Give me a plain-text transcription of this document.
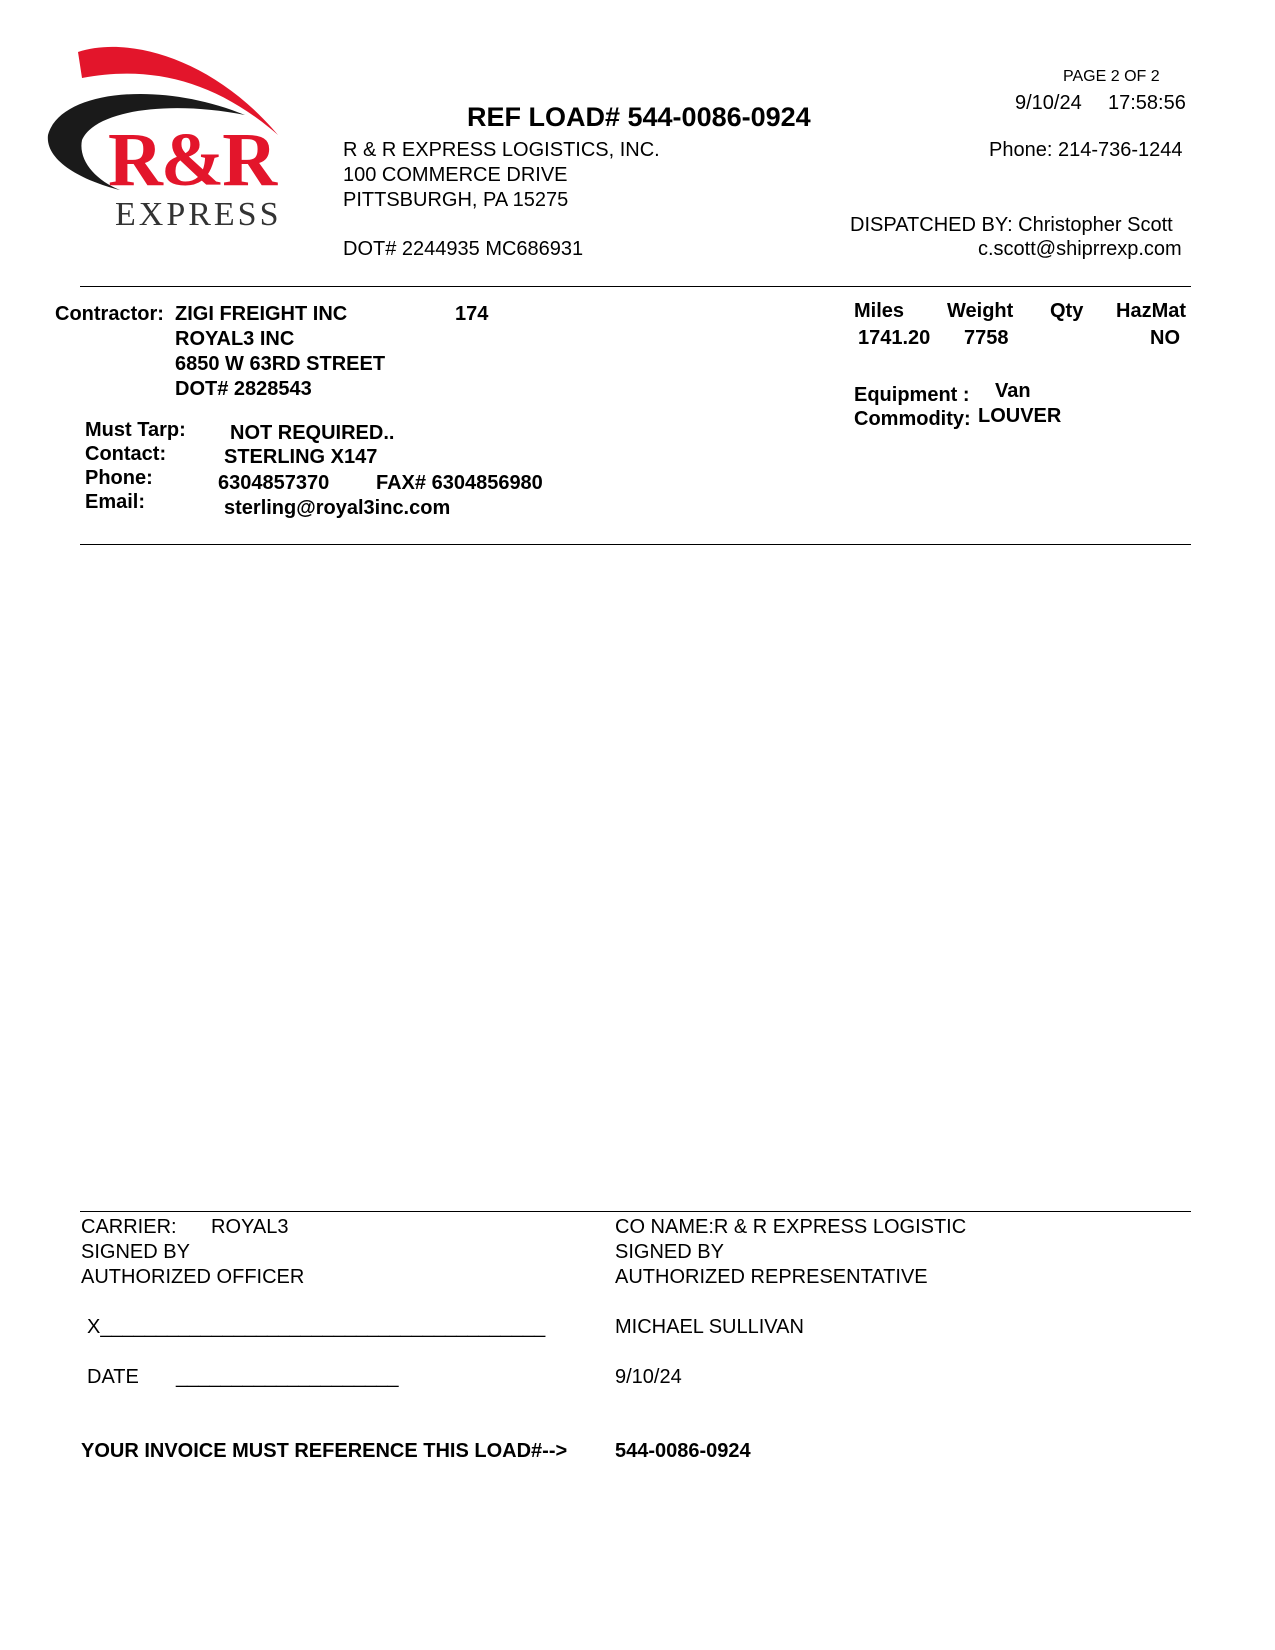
R&R
EXPRESS
PAGE 2 OF 2
9/10/24 17:58:56
REF LOAD# 544-0086-0924
R & R EXPRESS LOGISTICS, INC.
100 COMMERCE DRIVE
PITTSBURGH, PA 15275
DOT# 2244935 MC686931
Phone: 214-736-1244
DISPATCHED BY: Christopher Scott
c.scott@shiprrexp.com
Contractor: ZIGI FREIGHT INC	174
ROYAL3 INC
6850 W 63RD STREET
DOT# 2828543
Must Tarp: NOT REQUIRED..
Contact:	STERLING X147
Phone:	6304857370 FAX# 6304856980
Email:	sterling@royal3inc.com
Miles Weight Qty HazMat
1741.20 7758	NO
Equipment : Van
Commodity: LOUVER
CARRIER: ROYAL3
SIGNED BY
AUTHORIZED OFFICER
X________________________________________
DATE ____________________
CO NAME:R & R EXPRESS LOGISTIC
SIGNED BY
AUTHORIZED REPRESENTATIVE
MICHAEL SULLIVAN
9/10/24
YOUR INVOICE MUST REFERENCE THIS LOAD#--> 544-0086-0924
